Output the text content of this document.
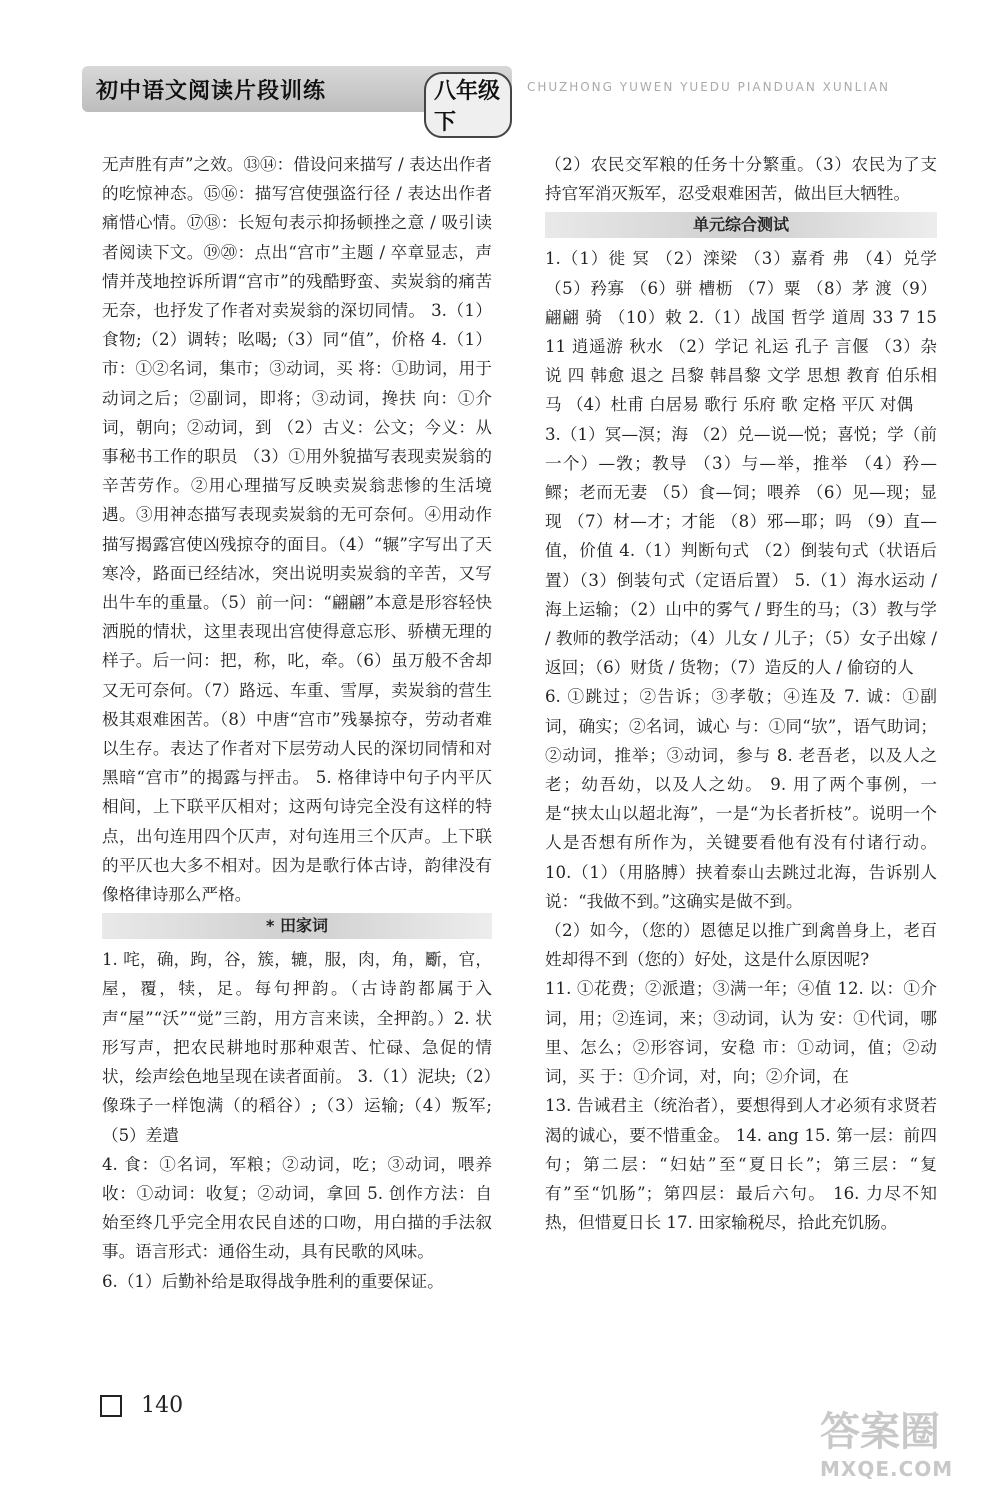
初中语文阅读片段训练	八年级下
CHUZHONG YUWEN YUEDU PIANDUAN XUNLIAN

无声胜有声”之效。⑬⑭：借设问来描写 / 表达出作者的吃惊神态。⑮⑯：描写宫使强盗行径 / 表达出作者痛惜心情。⑰⑱：长短句表示抑扬顿挫之意 / 吸引读者阅读下文。⑲⑳：点出“宫市”主题 / 卒章显志，声情并茂地控诉所谓“宫市”的残酷野蛮、卖炭翁的痛苦无奈，也抒发了作者对卖炭翁的深切同情。 3.（1）食物;（2）调转；吆喝;（3）同“值”，价格 4.（1）市：①②名词，集市；③动词，买 将：①助词，用于动词之后；②副词，即将；③动词，搀扶 向：①介词，朝向；②动词，到 （2）古义：公文；今义：从事秘书工作的职员 （3）①用外貌描写表现卖炭翁的辛苦劳作。②用心理描写反映卖炭翁悲惨的生活境遇。③用神态描写表现卖炭翁的无可奈何。④用动作描写揭露宫使凶残掠夺的面目。（4）“辗”字写出了天寒冷，路面已经结冰，突出说明卖炭翁的辛苦，又写出牛车的重量。（5）前一问：“翩翩”本意是形容轻快洒脱的情状，这里表现出宫使得意忘形、骄横无理的样子。后一问：把，称，叱，牵。（6）虽万般不舍却又无可奈何。（7）路远、车重、雪厚，卖炭翁的营生极其艰难困苦。（8）中唐“宫市”残暴掠夺，劳动者难以生存。表达了作者对下层劳动人民的深切同情和对黑暗“宫市”的揭露与抨击。 5. 格律诗中句子内平仄相间，上下联平仄相对；这两句诗完全没有这样的特点，出句连用四个仄声，对句连用三个仄声。上下联的平仄也大多不相对。因为是歌行体古诗，韵律没有像格律诗那么严格。

* 田家词

1. 咤，确，跔，谷，簇，辘，服，肉，角，斸，官，屋，覆，犊，足。每句押韵。（古诗韵都属于入声“屋”“沃”“觉”三韵，用方言来读，全押韵。）2. 状形写声，把农民耕地时那种艰苦、忙碌、急促的情状，绘声绘色地呈现在读者面前。 3.（1）泥块;（2）像珠子一样饱满（的稻谷）;（3）运输;（4）叛军;（5）差遣

4. 食：①名词，军粮；②动词，吃；③动词，喂养 收：①动词：收复；②动词，拿回 5. 创作方法：自始至终几乎完全用农民自述的口吻，用白描的手法叙事。语言形式：通俗生动，具有民歌的风味。

6.（1）后勤补给是取得战争胜利的重要保证。

（2）农民交军粮的任务十分繁重。（3）农民为了支持官军消灭叛军，忍受艰难困苦，做出巨大牺牲。

单元综合测试

1.（1）徙 冥 （2）滦梁 （3）嘉肴 弗 （4）兑学 （5）矜寡 （6）骈 槽枥 （7）粟 （8）茅 渡（9）翩翩 骑 （10）敕 2.（1）战国 哲学 道周 33 7 15 11 逍遥游 秋水 （2）学记 礼运 孔子 言偃 （3）杂说 四 韩愈 退之 吕黎 韩昌黎 文学 思想 教育 伯乐相马 （4）杜甫 白居易 歌行 乐府 歌 定格 平仄 对偶

3.（1）冥—溟；海 （2）兑—说—悦；喜悦；学（前一个）—敩；教导 （3）与—举，推举 （4）矜—鳏；老而无妻 （5）食—饲；喂养 （6）见—现；显现 （7）材—才；才能 （8）邪—耶；吗 （9）直—值，价值 4.（1）判断句式 （2）倒装句式（状语后置）（3）倒装句式（定语后置） 5.（1）海水运动 / 海上运输；（2）山中的雾气 / 野生的马；（3）教与学 / 教师的教学活动；（4）儿女 / 儿子；（5）女子出嫁 / 返回；（6）财货 / 货物；（7）造反的人 / 偷窃的人

6. ①跳过；②告诉；③孝敬；④连及 7. 诚：①副词，确实；②名词，诚心 与：①同“欤”，语气助词；②动词，推举；③动词，参与 8. 老吾老，以及人之老；幼吾幼，以及人之幼。 9. 用了两个事例，一是“挟太山以超北海”，一是“为长者折枝”。说明一个人是否想有所作为，关键要看他有没有付诸行动。 10.（1）（用胳膊）挟着泰山去跳过北海，告诉别人说：“我做不到。”这确实是做不到。

（2）如今，（您的）恩德足以推广到禽兽身上，老百姓却得不到（您的）好处，这是什么原因呢?

11. ①花费；②派遣；③满一年；④值 12. 以：①介词，用；②连词，来；③动词，认为 安：①代词，哪里、怎么；②形容词，安稳 市：①动词，值；②动词，买 于：①介词，对，向；②介词，在

13. 告诫君主（统治者），要想得到人才必须有求贤若渴的诚心，要不惜重金。 14. ang 15. 第一层：前四句；第二层：“妇姑”至“夏日长”；第三层：“复有”至“饥肠”；第四层：最后六句。 16. 力尽不知热，但惜夏日长 17. 田家输税尽，拾此充饥肠。

140
答案圈
MXQE.COM
